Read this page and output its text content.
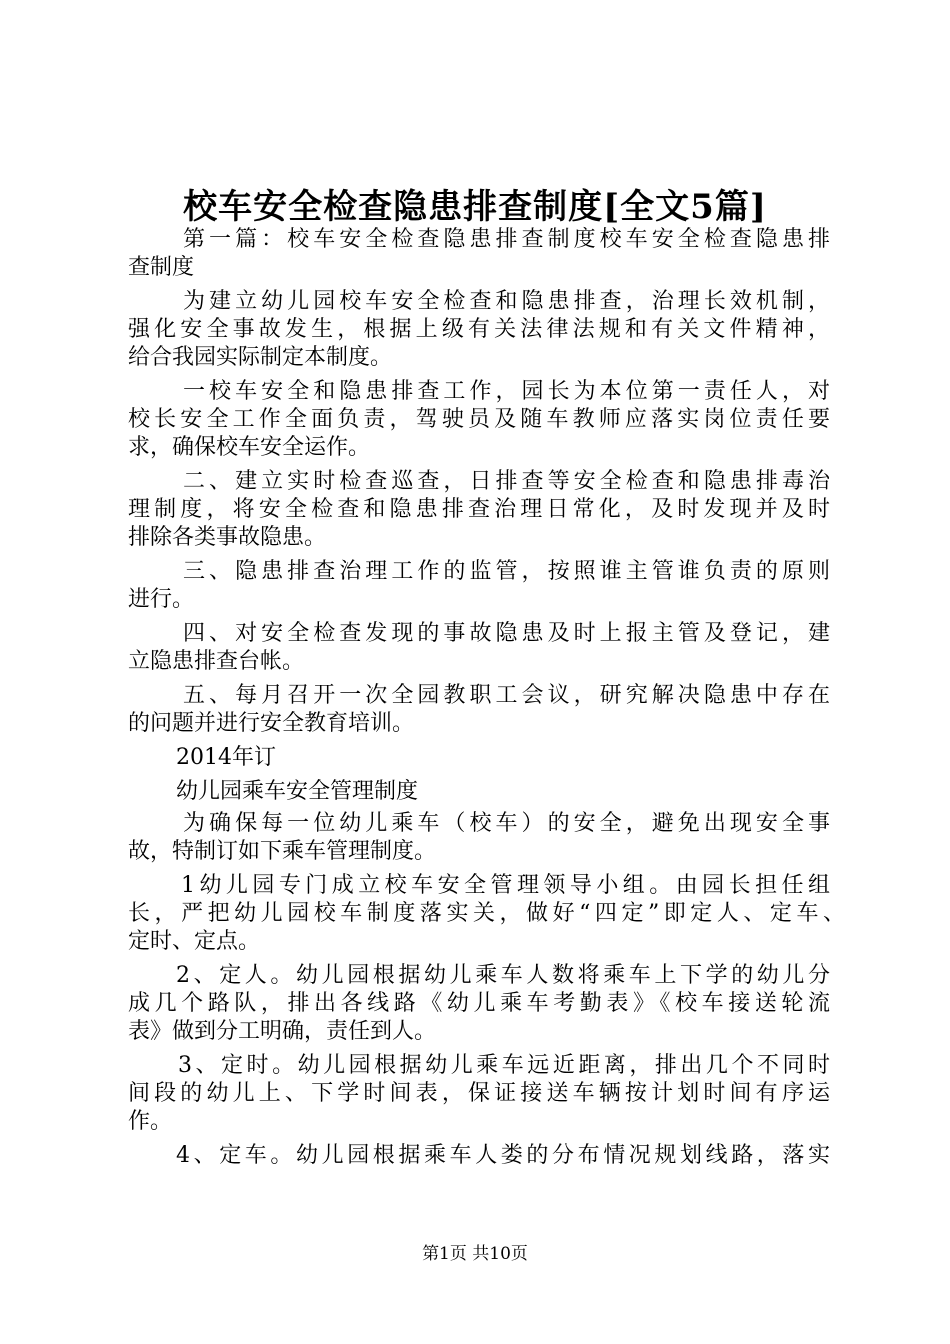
校车安全检查隐患排查制度[全文5篇]
第一篇：校车安全检查隐患排查制度校车安全检查隐患排
查制度
为建立幼儿园校车安全检查和隐患排查，治理长效机制，
强化安全事故发生，根据上级有关法律法规和有关文件精神，
给合我园实际制定本制度。
一校车安全和隐患排查工作，园长为本位第一责任人，对
校长安全工作全面负责，驾驶员及随车教师应落实岗位责任要
求，确保校车安全运作。
二、建立实时检查巡查，日排查等安全检查和隐患排毒治
理制度，将安全检查和隐患排查治理日常化，及时发现并及时
排除各类事故隐患。
三、隐患排查治理工作的监管，按照谁主管谁负责的原则
进行。
四、对安全检查发现的事故隐患及时上报主管及登记，建
立隐患排查台帐。
五、每月召开一次全园教职工会议，研究解决隐患中存在
的问题并进行安全教育培训。
2014年订
幼儿园乘车安全管理制度
为确保每一位幼儿乘车（校车）的安全，避免出现安全事
故，特制订如下乘车管理制度。
1幼儿园专门成立校车安全管理领导小组。由园长担任组
长，严把幼儿园校车制度落实关，做好“四定”即定人、定车、
定时、定点。
2、定人。幼儿园根据幼儿乘车人数将乘车上下学的幼儿分
成几个路队，排出各线路《幼儿乘车考勤表》《校车接送轮流
表》做到分工明确，责任到人。
3、定时。幼儿园根据幼儿乘车远近距离，排出几个不同时
间段的幼儿上、下学时间表，保证接送车辆按计划时间有序运
作。
4、定车。幼儿园根据乘车人娄的分布情况规划线路，落实
第1页 共10页
